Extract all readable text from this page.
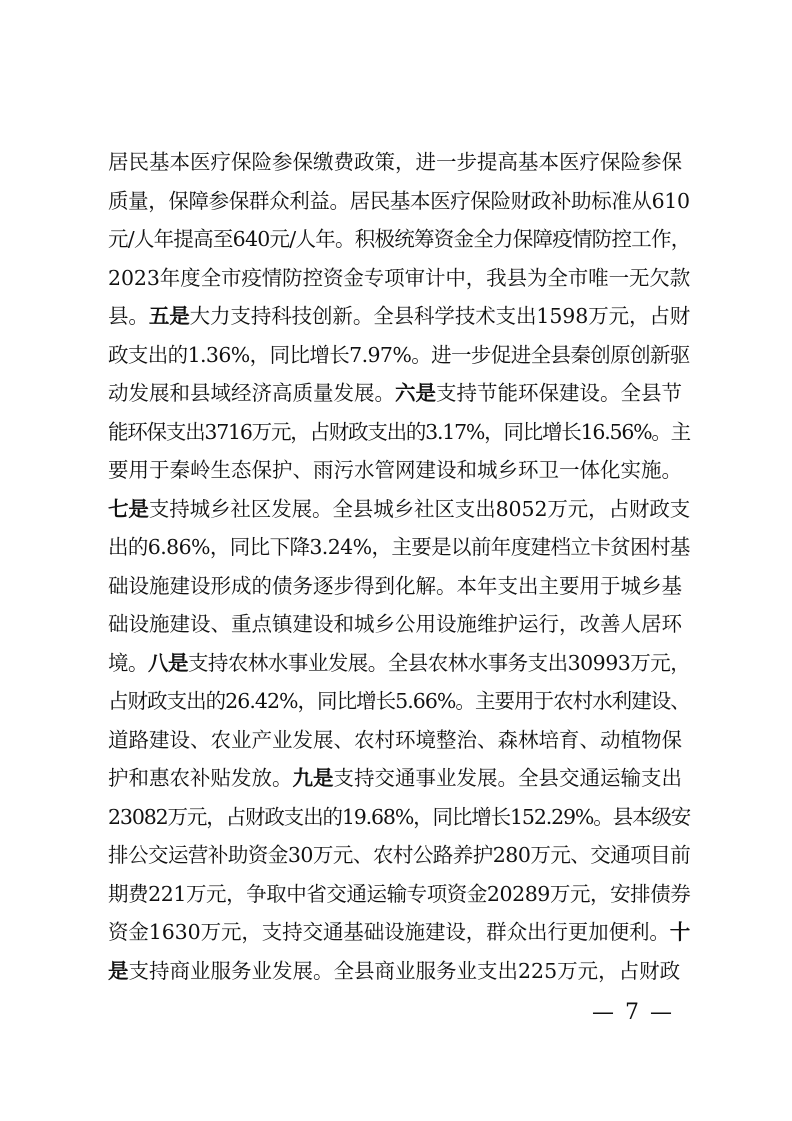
居民基本医疗保险参保缴费政策，进一步提高基本医疗保险参保
质量，保障参保群众利益。居民基本医疗保险财政补助标准从610
元/人年提高至640元/人年。积极统筹资金全力保障疫情防控工作，
2023年度全市疫情防控资金专项审计中，我县为全市唯一无欠款
县。五是大力支持科技创新。全县科学技术支出1598万元，占财
政支出的1.36%，同比增长7.97%。进一步促进全县秦创原创新驱
动发展和县域经济高质量发展。六是支持节能环保建设。全县节
能环保支出3716万元，占财政支出的3.17%，同比增长16.56%。主
要用于秦岭生态保护、雨污水管网建设和城乡环卫一体化实施。
七是支持城乡社区发展。全县城乡社区支出8052万元，占财政支
出的6.86%，同比下降3.24%，主要是以前年度建档立卡贫困村基
础设施建设形成的债务逐步得到化解。本年支出主要用于城乡基
础设施建设、重点镇建设和城乡公用设施维护运行，改善人居环
境。八是支持农林水事业发展。全县农林水事务支出30993万元，
占财政支出的26.42%，同比增长5.66%。主要用于农村水利建设、
道路建设、农业产业发展、农村环境整治、森林培育、动植物保
护和惠农补贴发放。九是支持交通事业发展。全县交通运输支出
23082万元，占财政支出的19.68%，同比增长152.29%。县本级安
排公交运营补助资金30万元、农村公路养护280万元、交通项目前
期费221万元，争取中省交通运输专项资金20289万元，安排债券
资金1630万元，支持交通基础设施建设，群众出行更加便利。十
是支持商业服务业发展。全县商业服务业支出225万元，占财政
— 7 —
